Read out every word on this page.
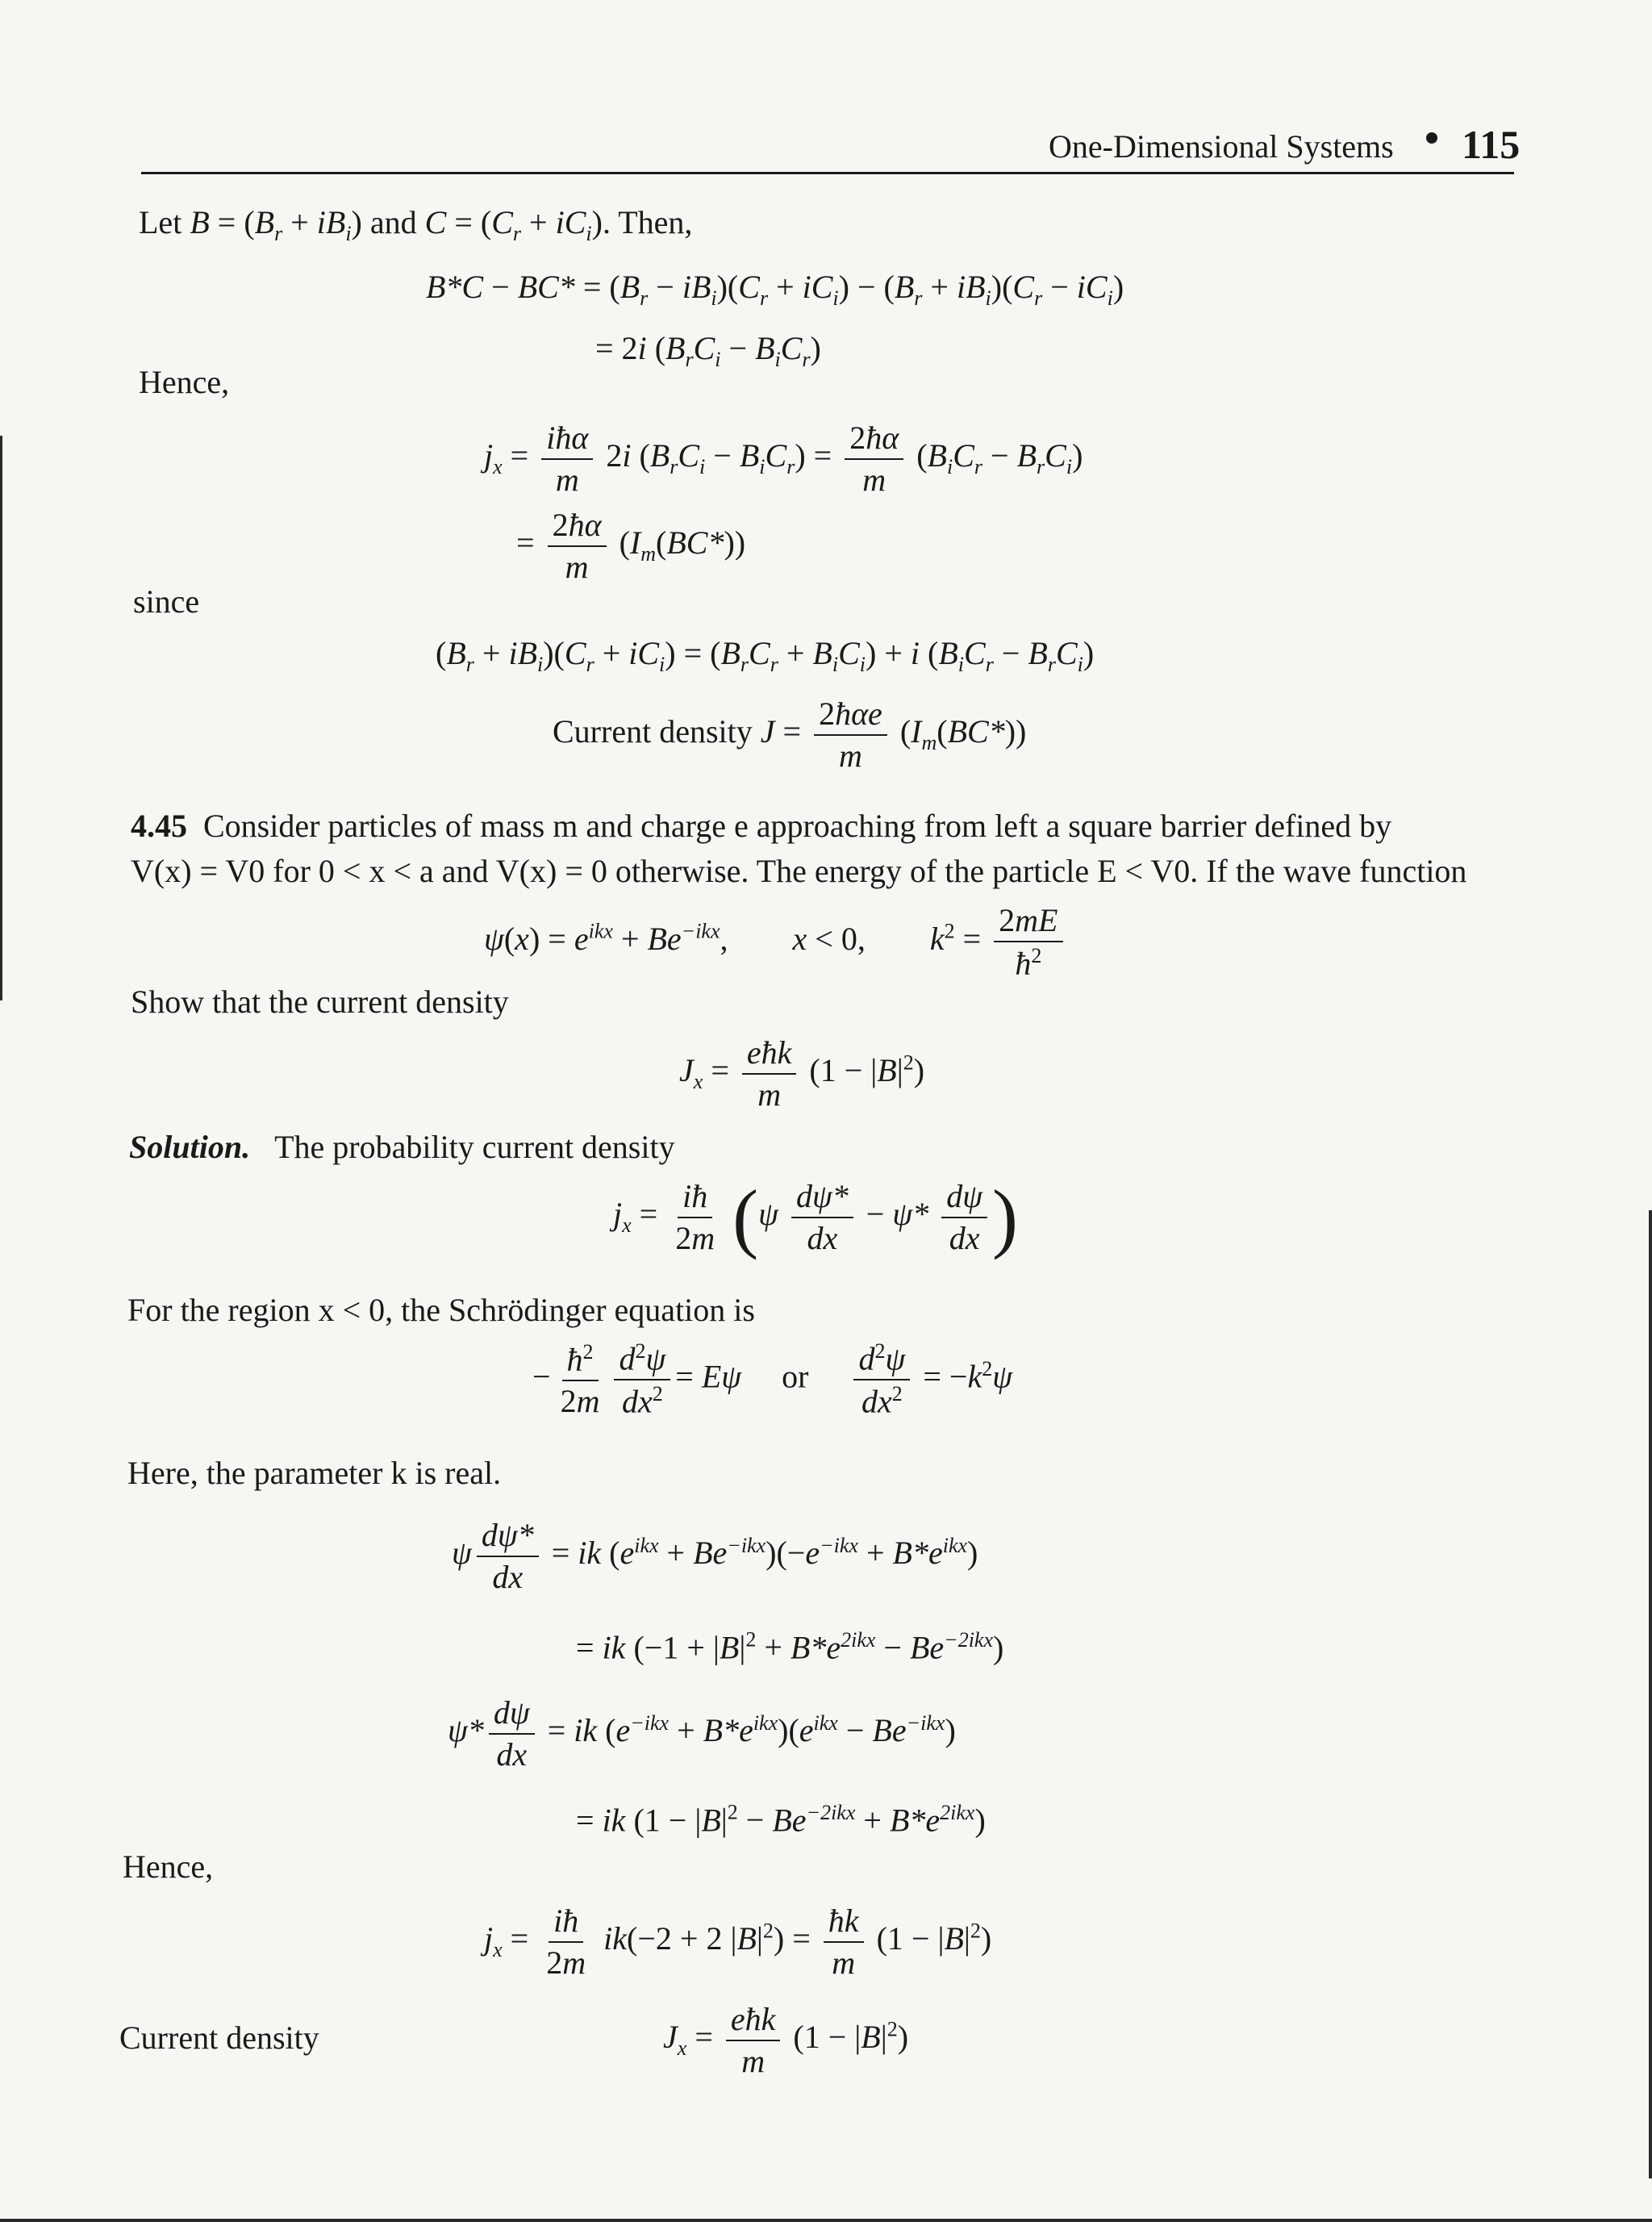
One-Dimensional Systems 115
Let $B = (B_r + iB_i)$ and $C = (C_r + iC_i)$. Then,
$B*C - BC* = (B_r - iB_i)(C_r + iC_i) - (B_r + iB_i)(C_r - iC_i)$
= 2i $(B_rC_i - B_iC_r)$
Hence,
$j_x = \frac{\text{iħα}}{m} 2i$ $(B_rC_i - B_iC_r) = \frac{2ħ\alpha}{m} (B_iC_r - B_rC_i)$
= $\frac{2ħ\alpha}{m} (I_m(BC*))$
since
$(B_r + iB_i)(C_r + iC_i) = (B_rC_r + B_iC_i) + i$ $(B_iC_r - B_rC_i)$
Current density $J = \frac{\text{2ħαe}}{m} (I_m(BC*))$
4.45 Consider particles of mass m and charge e approaching from left a square barrier defined by
V(x) = V0 for 0 < x < a and V(x) = 0 otherwise. The energy of the particle E < V0. If the wave function
$\psi(x) = e^{ikx} + Be^{-ikx}$, x < 0, $k^2 = \frac{2mE}{ħ^2}$
Show that the current density
$J_x = \frac{\text{eħk}}{m} (1 - |B|^2)$
Solution. The probability current density
$j_x = \frac{iħ}{2m} (\psi \frac{d\psi*}{dx} - \psi* \frac{d\psi}{dx}$ )
For the region x < 0, the Schrödinger equation is
− $\frac{ħ^2}{2m} \frac{d^2\psi}{dx^2} = E\psi$ or $\frac{d^2\psi}{dx^2} = -k^2\psi$
Here, the parameter k is real.
ψ $\frac{d\psi*}{dx}$ = ik $(e^{ikx} + Be^{-ikx})(-e^{-ikx} + B*e^{ikx})$
= ik $(-1 + |B|^2 + B*e^{2ikx} - Be^{-2ikx})$
$\psi* \frac{d\psi}{dx}$ = ik $(e^{-ikx} + B*e^{ikx})(e^{ikx} - Be^{-ikx})$
= ik $(1 - |B|^2 - Be^{-2ikx} + B*e^{2ikx})$
Hence,
$j_x = \frac{iħ}{2m} ik(-2 + 2$ $|B|^2) = \frac{ħk}{m} (1 - |B|^2)$
Current density	$J_x = \frac{\text{eħk}}{m} (1 - |B|^2)$
